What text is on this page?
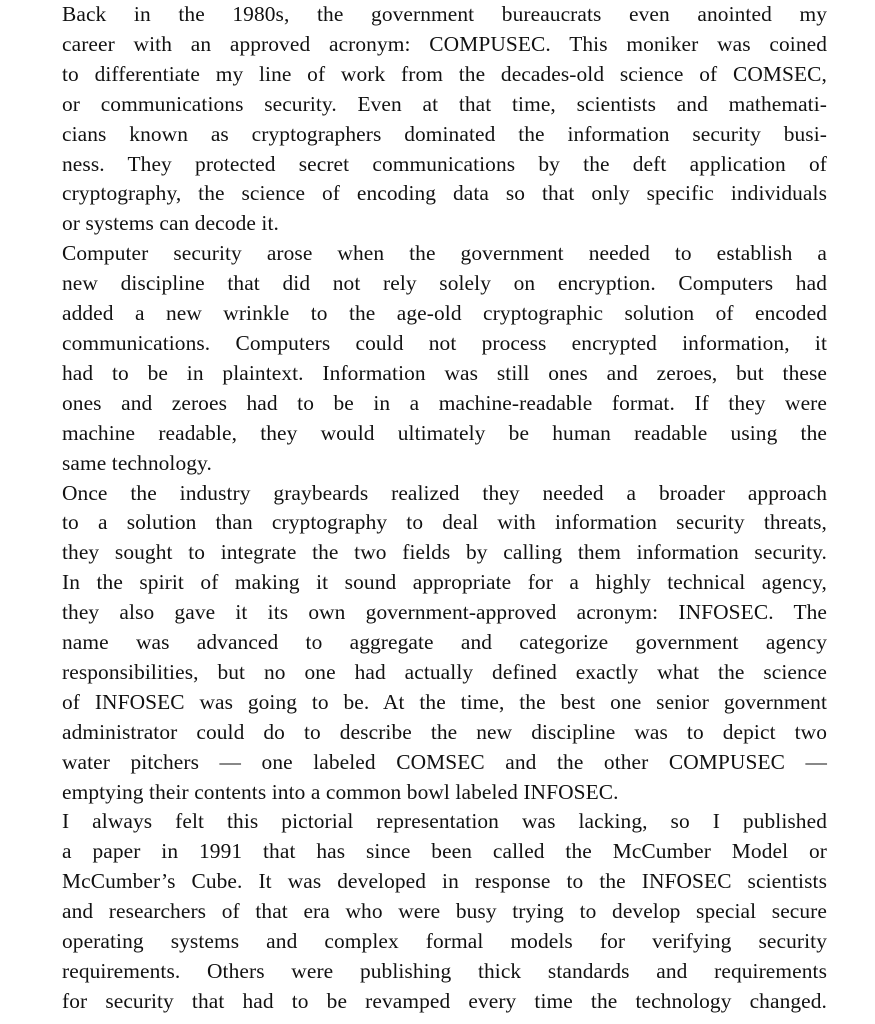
Back in the 1980s, the government bureaucrats even anointed my
career with an approved acronym: COMPUSEC. This moniker was coined
to differentiate my line of work from the decades-old science of COMSEC,
or communications security. Even at that time, scientists and mathemati-
cians known as cryptographers dominated the information security busi-
ness. They protected secret communications by the deft application of
cryptography, the science of encoding data so that only specific individuals
or systems can decode it.

Computer security arose when the government needed to establish a
new discipline that did not rely solely on encryption. Computers had
added a new wrinkle to the age-old cryptographic solution of encoded
communications. Computers could not process encrypted information, it
had to be in plaintext. Information was still ones and zeroes, but these
ones and zeroes had to be in a machine-readable format. If they were
machine readable, they would ultimately be human readable using the
same technology.

Once the industry graybeards realized they needed a broader approach
to a solution than cryptography to deal with information security threats,
they sought to integrate the two fields by calling them information security.
In the spirit of making it sound appropriate for a highly technical agency,
they also gave it its own government-approved acronym: INFOSEC. The
name was advanced to aggregate and categorize government agency
responsibilities, but no one had actually defined exactly what the science
of INFOSEC was going to be. At the time, the best one senior government
administrator could do to describe the new discipline was to depict two
water pitchers — one labeled COMSEC and the other COMPUSEC —
emptying their contents into a common bowl labeled INFOSEC.

I always felt this pictorial representation was lacking, so I published
a paper in 1991 that has since been called the McCumber Model or
McCumber’s Cube. It was developed in response to the INFOSEC scientists
and researchers of that era who were busy trying to develop special secure
operating systems and complex formal models for verifying security
requirements. Others were publishing thick standards and requirements
for security that had to be revamped every time the technology changed.
